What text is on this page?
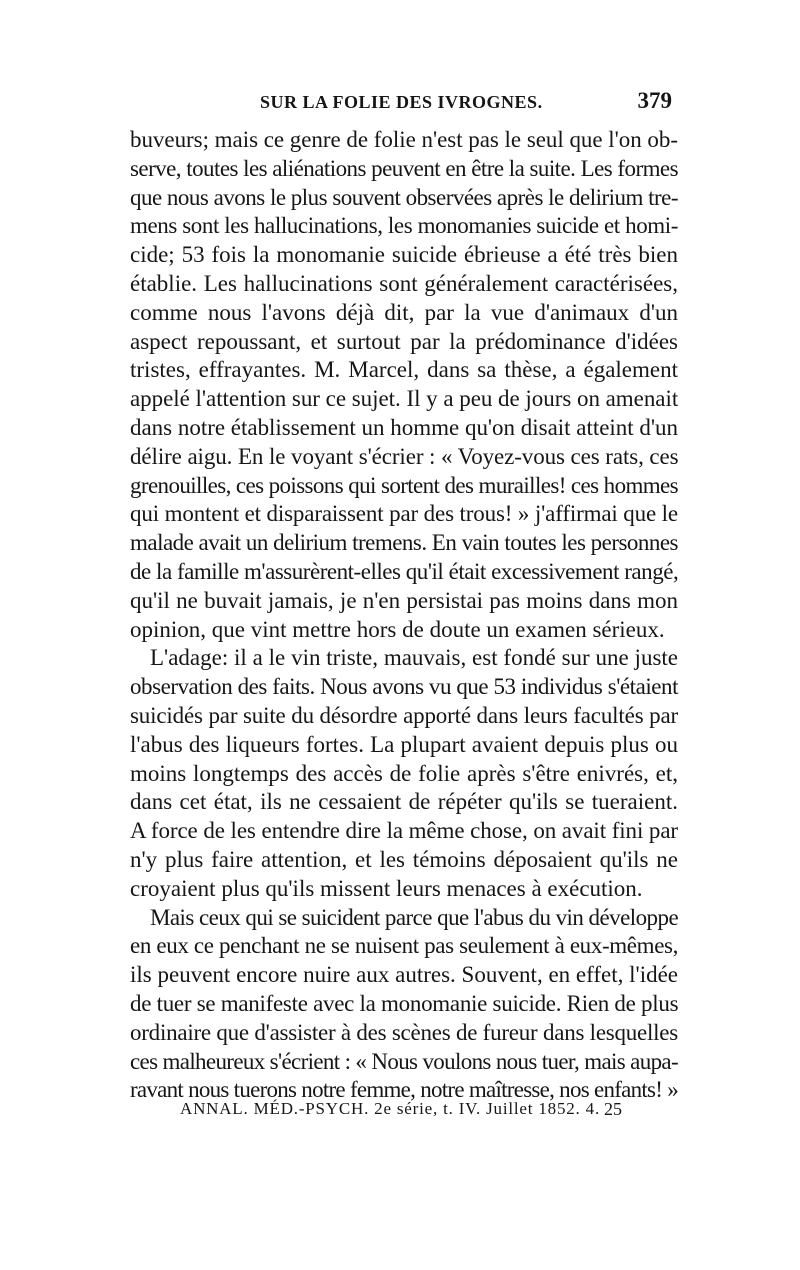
SUR LA FOLIE DES IVROGNES.	379
buveurs; mais ce genre de folie n'est pas le seul que l'on ob-
serve, toutes les aliénations peuvent en être la suite. Les formes
que nous avons le plus souvent observées après le delirium tre-
mens sont les hallucinations, les monomanies suicide et homi-
cide; 53 fois la monomanie suicide ébrieuse a été très bien
établie. Les hallucinations sont généralement caractérisées,
comme nous l'avons déjà dit, par la vue d'animaux d'un
aspect repoussant, et surtout par la prédominance d'idées
tristes, effrayantes. M. Marcel, dans sa thèse, a également
appelé l'attention sur ce sujet. Il y a peu de jours on amenait
dans notre établissement un homme qu'on disait atteint d'un
délire aigu. En le voyant s'écrier : « Voyez-vous ces rats, ces
grenouilles, ces poissons qui sortent des murailles! ces hommes
qui montent et disparaissent par des trous! » j'affirmai que le
malade avait un delirium tremens. En vain toutes les personnes
de la famille m'assurèrent-elles qu'il était excessivement rangé,
qu'il ne buvait jamais, je n'en persistai pas moins dans mon
opinion, que vint mettre hors de doute un examen sérieux.
L'adage: il a le vin triste, mauvais, est fondé sur une juste
observation des faits. Nous avons vu que 53 individus s'étaient
suicidés par suite du désordre apporté dans leurs facultés par
l'abus des liqueurs fortes. La plupart avaient depuis plus ou
moins longtemps des accès de folie après s'être enivrés, et,
dans cet état, ils ne cessaient de répéter qu'ils se tueraient.
A force de les entendre dire la même chose, on avait fini par
n'y plus faire attention, et les témoins déposaient qu'ils ne
croyaient plus qu'ils missent leurs menaces à exécution.
Mais ceux qui se suicident parce que l'abus du vin développe
en eux ce penchant ne se nuisent pas seulement à eux-mêmes,
ils peuvent encore nuire aux autres. Souvent, en effet, l'idée
de tuer se manifeste avec la monomanie suicide. Rien de plus
ordinaire que d'assister à des scènes de fureur dans lesquelles
ces malheureux s'écrient : « Nous voulons nous tuer, mais aupa-
ravant nous tuerons notre femme, notre maîtresse, nos enfants! »
ANNAL. MÉD.-PSYCH. 2e série, t. IV. Juillet 1852. 4. 25
